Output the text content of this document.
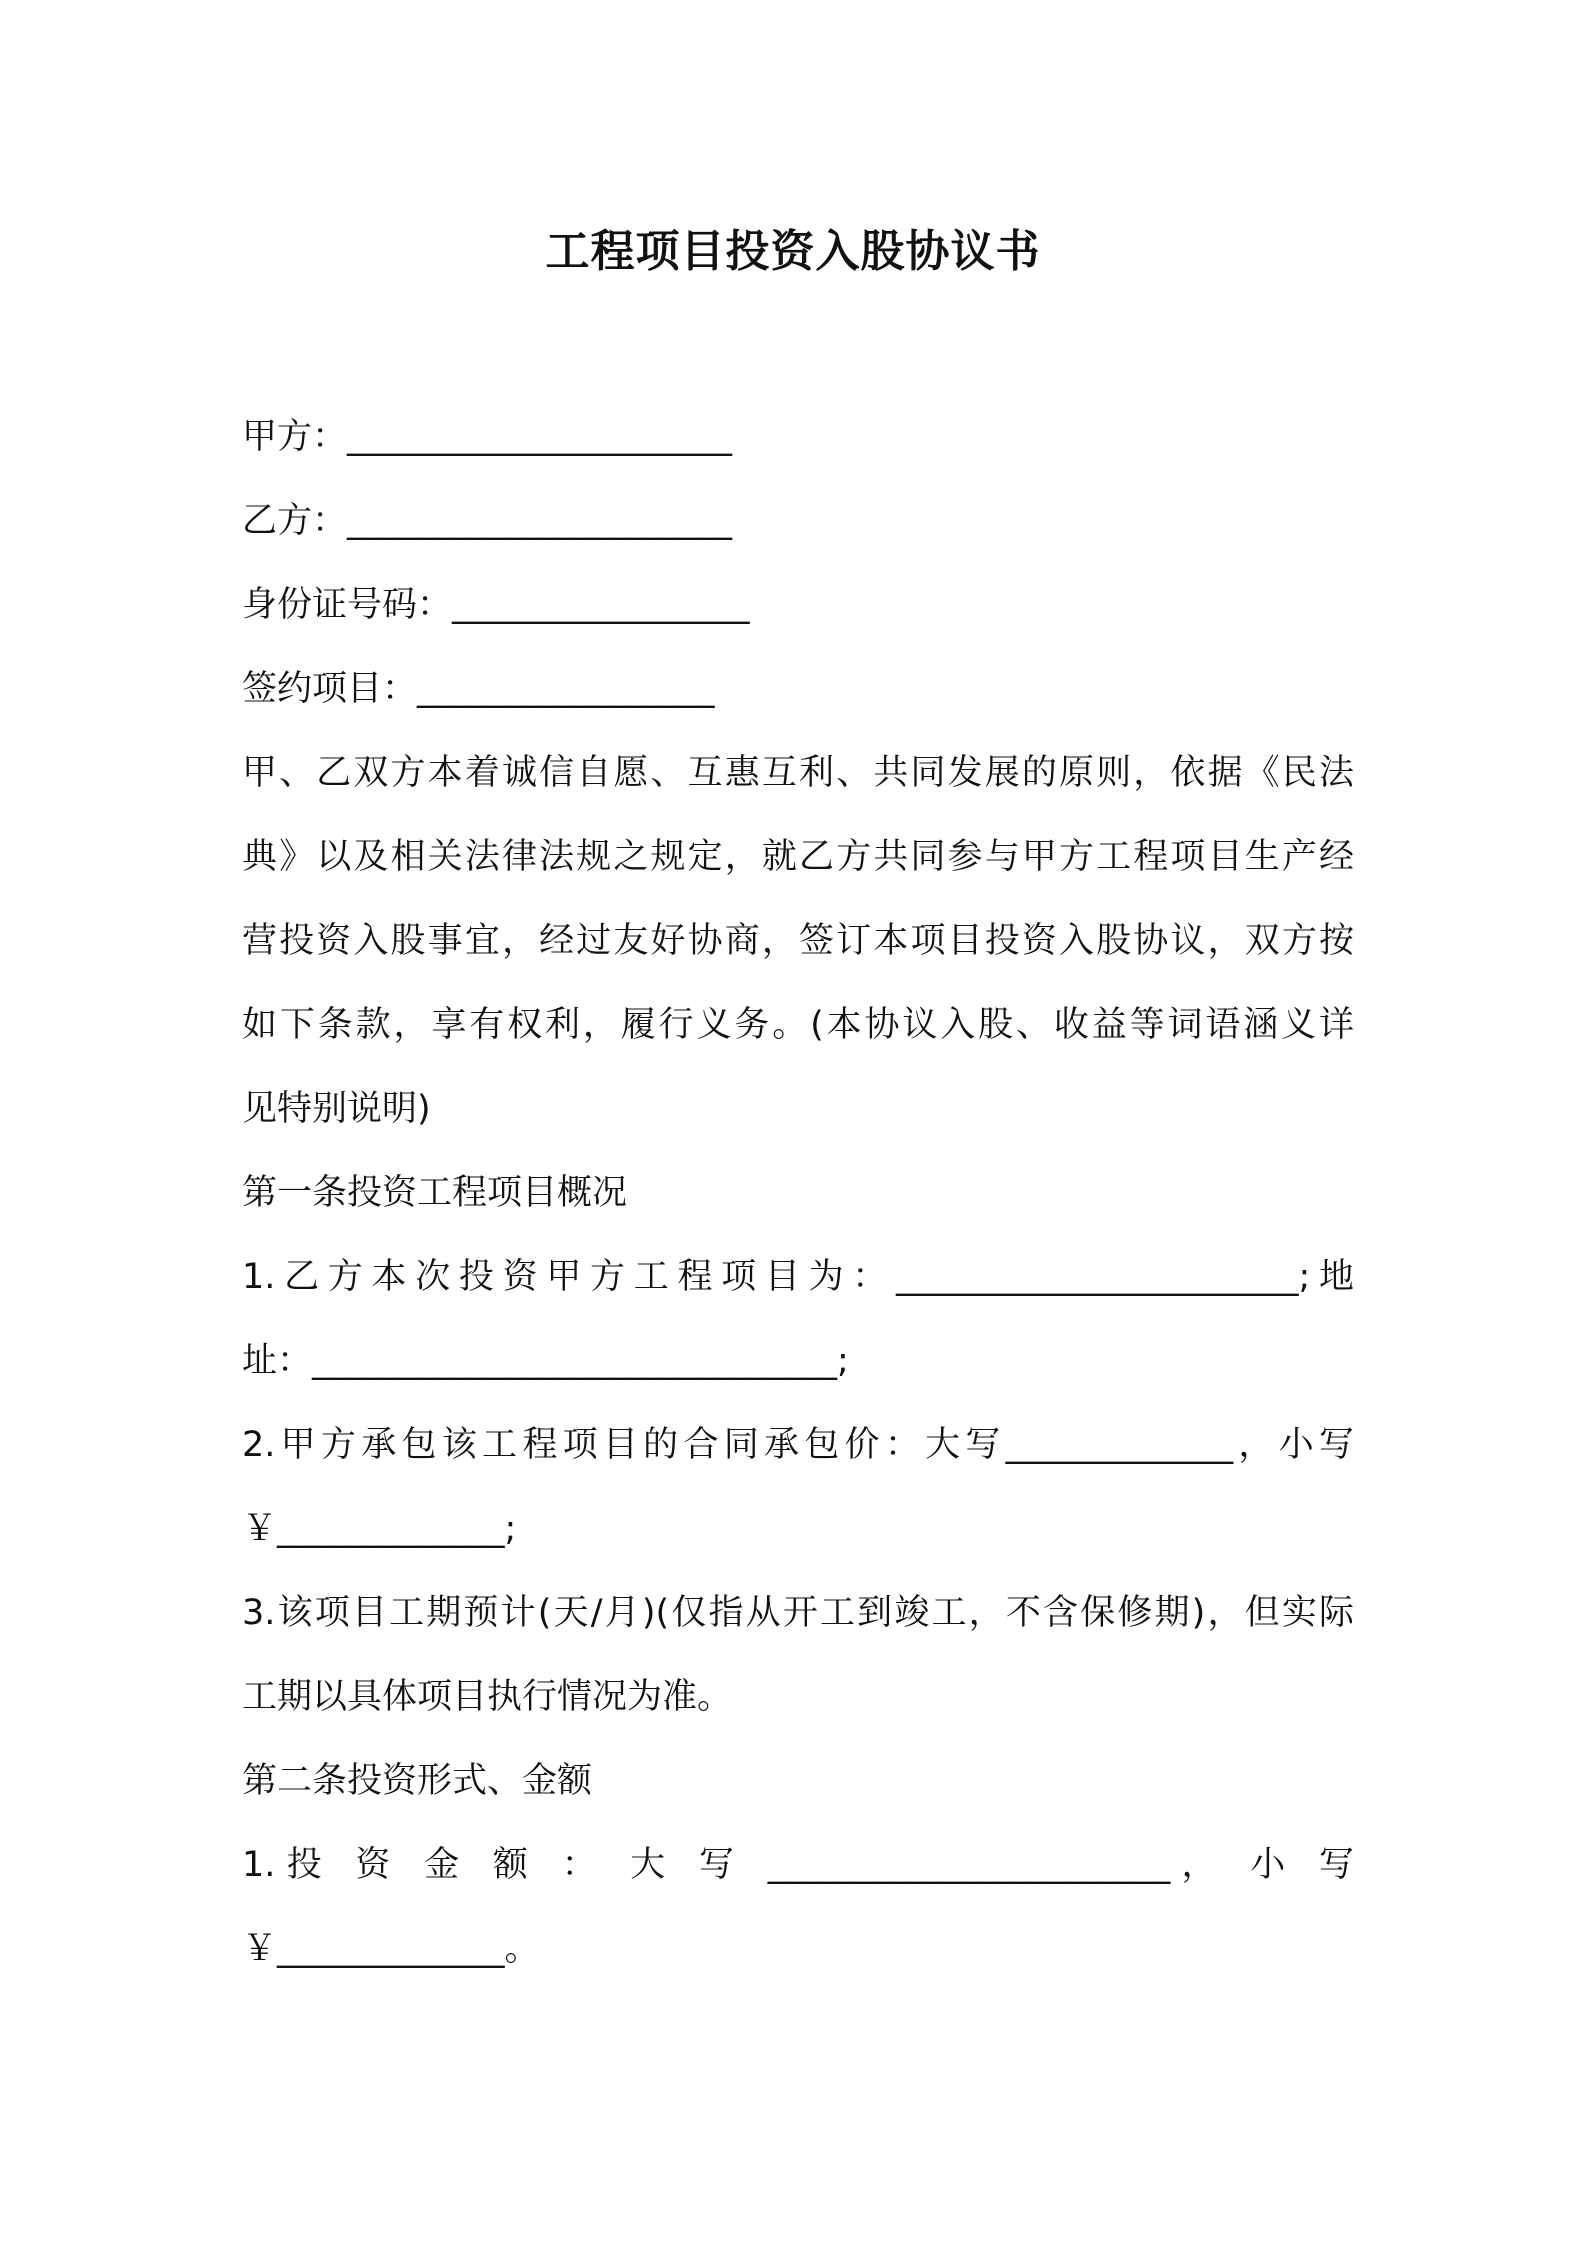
工程项目投资入股协议书
甲方：______________________
乙方：______________________
身份证号码：_________________
签约项目：_________________
甲、乙双方本着诚信自愿、互惠互利、共同发展的原则，依据《民法
典》以及相关法律法规之规定，就乙方共同参与甲方工程项目生产经
营投资入股事宜，经过友好协商，签订本项目投资入股协议，双方按
如下条款，享有权利，履行义务。(本协议入股、收益等词语涵义详
见特别说明)
第一条投资工程项目概况
1.乙方本次投资甲方工程项目为：_______________________;地
址：______________________________;
2.甲方承包该工程项目的合同承包价：大写_____________，小写
￥_____________;
3.该项目工期预计(天/月)(仅指从开工到竣工，不含保修期)，但实际
工期以具体项目执行情况为准。
第二条投资形式、金额
1.投 资 金 额 ： 大 写 _______________________， 小 写
￥_____________。
